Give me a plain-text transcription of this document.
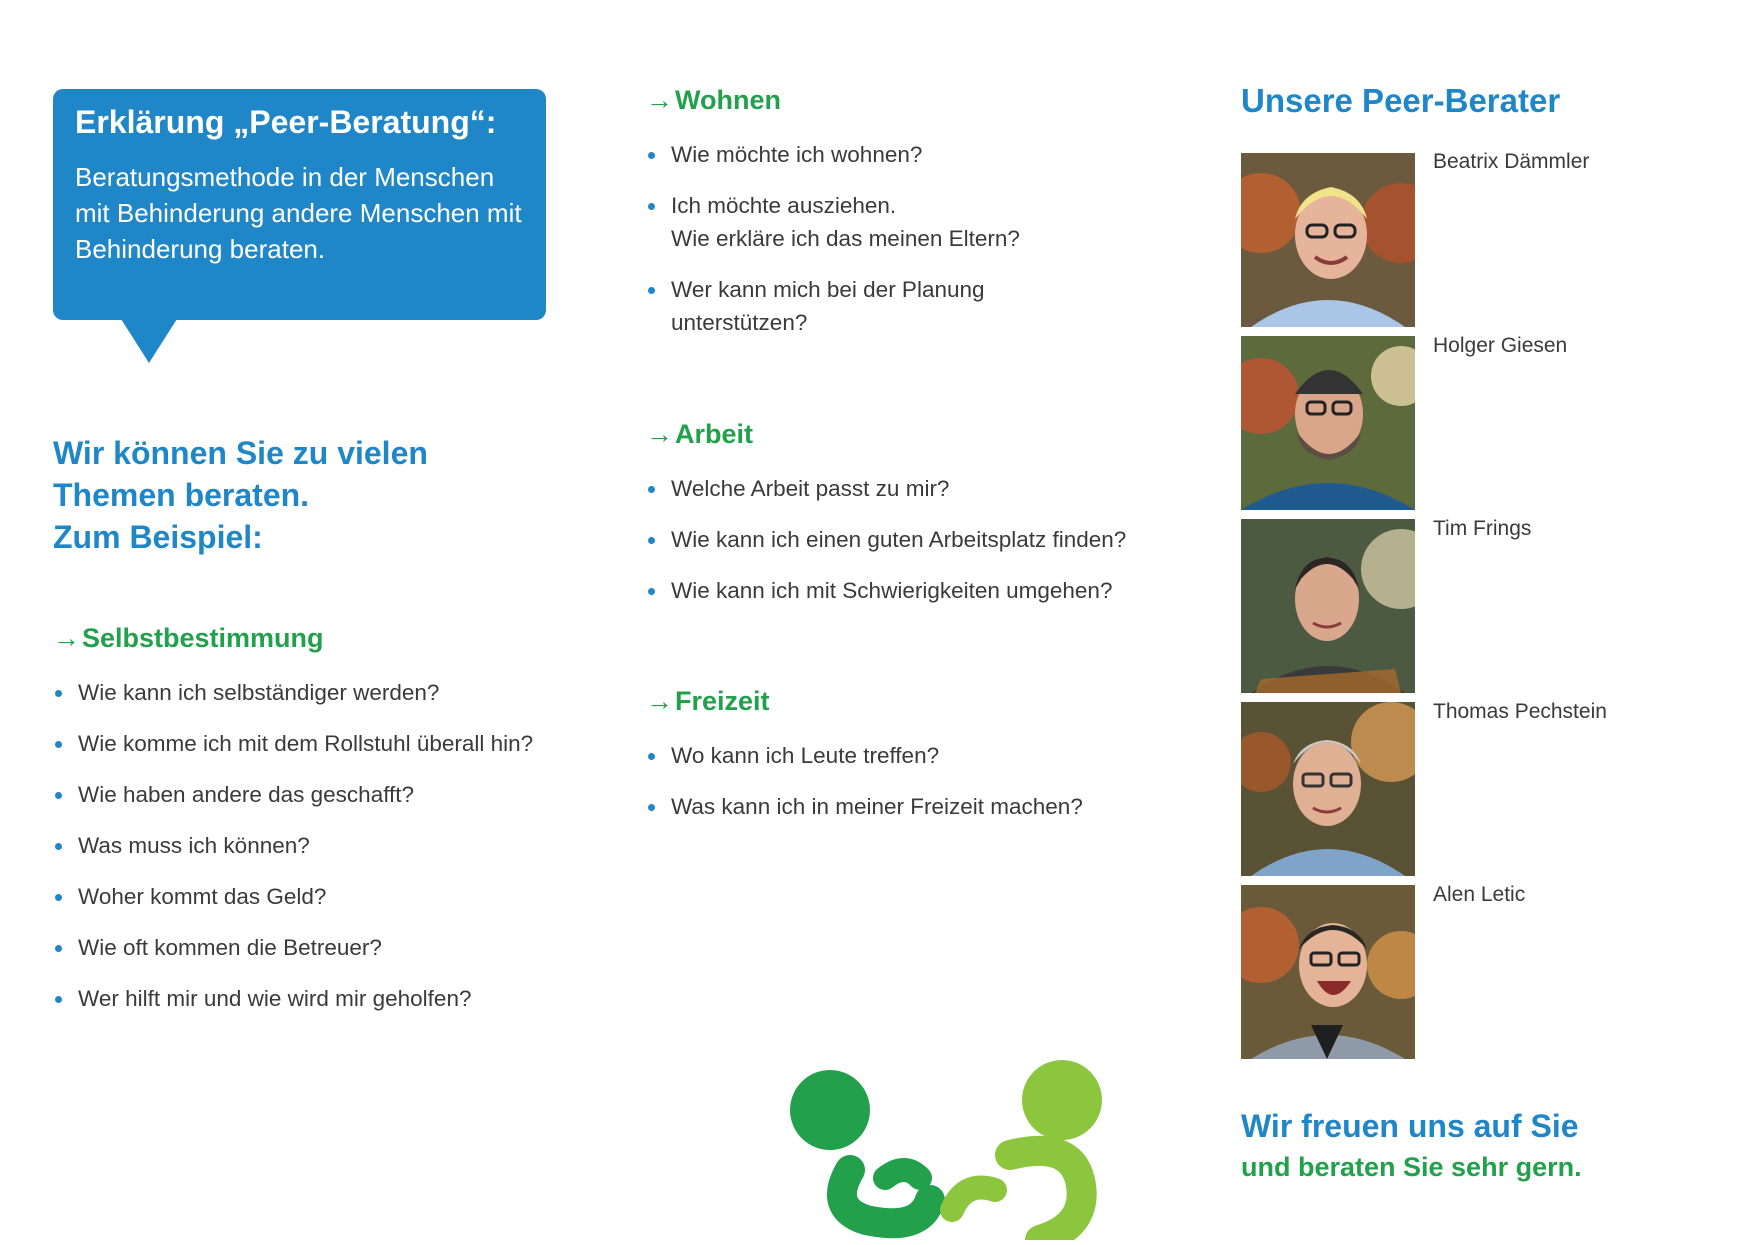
Erklärung „Peer-Beratung“:

Beratungsmethode in der Menschen mit Behinderung andere Menschen mit Behinderung beraten.

Wir können Sie zu vielen
Themen beraten.
Zum Beispiel:

→Selbstbestimmung

Wie kann ich selbständiger werden?
Wie komme ich mit dem Rollstuhl überall hin?
Wie haben andere das geschafft?
Was muss ich können?
Woher kommt das Geld?
Wie oft kommen die Betreuer?
Wer hilft mir und wie wird mir geholfen?

→Wohnen

Wie möchte ich wohnen?
Ich möchte ausziehen.
Wie erkläre ich das meinen Eltern?
Wer kann mich bei der Planung
unterstützen?

→Arbeit

Welche Arbeit passt zu mir?
Wie kann ich einen guten Arbeitsplatz finden?
Wie kann ich mit Schwierigkeiten umgehen?

→Freizeit

Wo kann ich Leute treffen?
Was kann ich in meiner Freizeit machen?

Unsere Peer-Berater

Beatrix Dämmler
Holger Giesen
Tim Frings
Thomas Pechstein
Alen Letic

Wir freuen uns auf Sie

und beraten Sie sehr gern.
